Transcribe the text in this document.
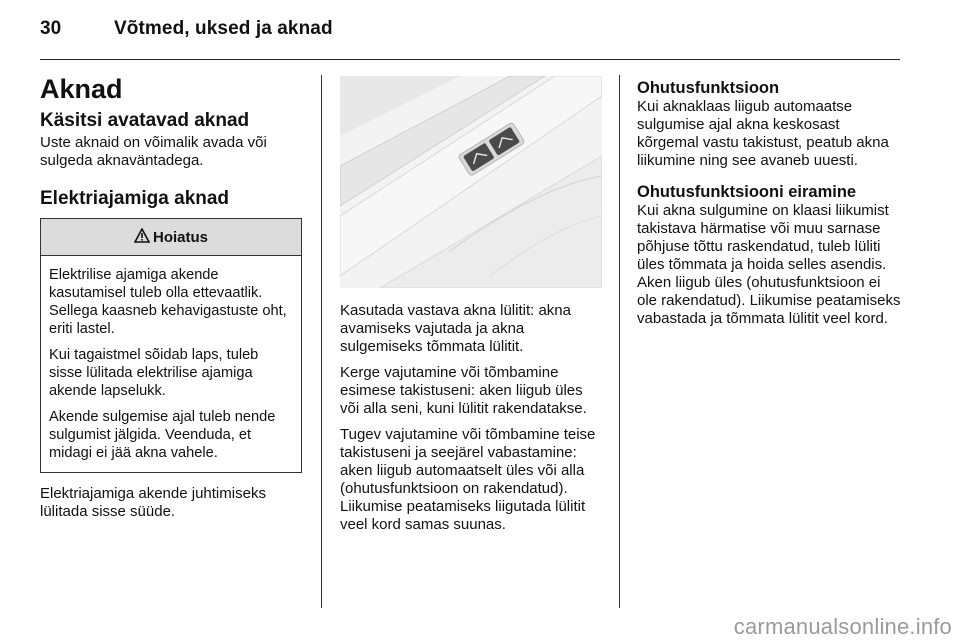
30	Võtmed, uksed ja aknad
Aknad
Käsitsi avatavad aknad

Uste aknaid on võimalik avada või sulgeda aknaväntadega.

Elektriajamiga aknad
Hoiatus

Elektrilise ajamiga akende kasutamisel tuleb olla ettevaatlik. Sellega kaasneb kehavigastuste oht, eriti lastel.

Kui tagaistmel sõidab laps, tuleb sisse lülitada elektrilise ajamiga akende lapselukk.

Akende sulgemise ajal tuleb nende sulgumist jälgida. Veenduda, et midagi ei jää akna vahele.

Elektriajamiga akende juhtimiseks lülitada sisse süüde.

Kasutada vastava akna lülitit: akna avamiseks vajutada ja akna sulgemiseks tõmmata lülitit.

Kerge vajutamine või tõmbamine esimese takistuseni: aken liigub üles või alla seni, kuni lülitit rakendatakse.

Tugev vajutamine või tõmbamine teise takistuseni ja seejärel vabastamine: aken liigub automaatselt üles või alla (ohutusfunktsioon on rakendatud). Liikumise peatamiseks liigutada lülitit veel kord samas suunas.

Ohutusfunktsioon

Kui aknaklaas liigub automaatse sulgumise ajal akna keskosast kõrgemal vastu takistust, peatub akna liikumine ning see avaneb uuesti.

Ohutusfunktsiooni eiramine

Kui akna sulgumine on klaasi liikumist takistava härmatise või muu sarnase põhjuse tõttu raskendatud, tuleb lüliti üles tõmmata ja hoida selles asendis. Aken liigub üles (ohutusfunktsioon ei ole rakendatud). Liikumise peatamiseks vabastada ja tõmmata lülitit veel kord.

carmanualsonline.info
